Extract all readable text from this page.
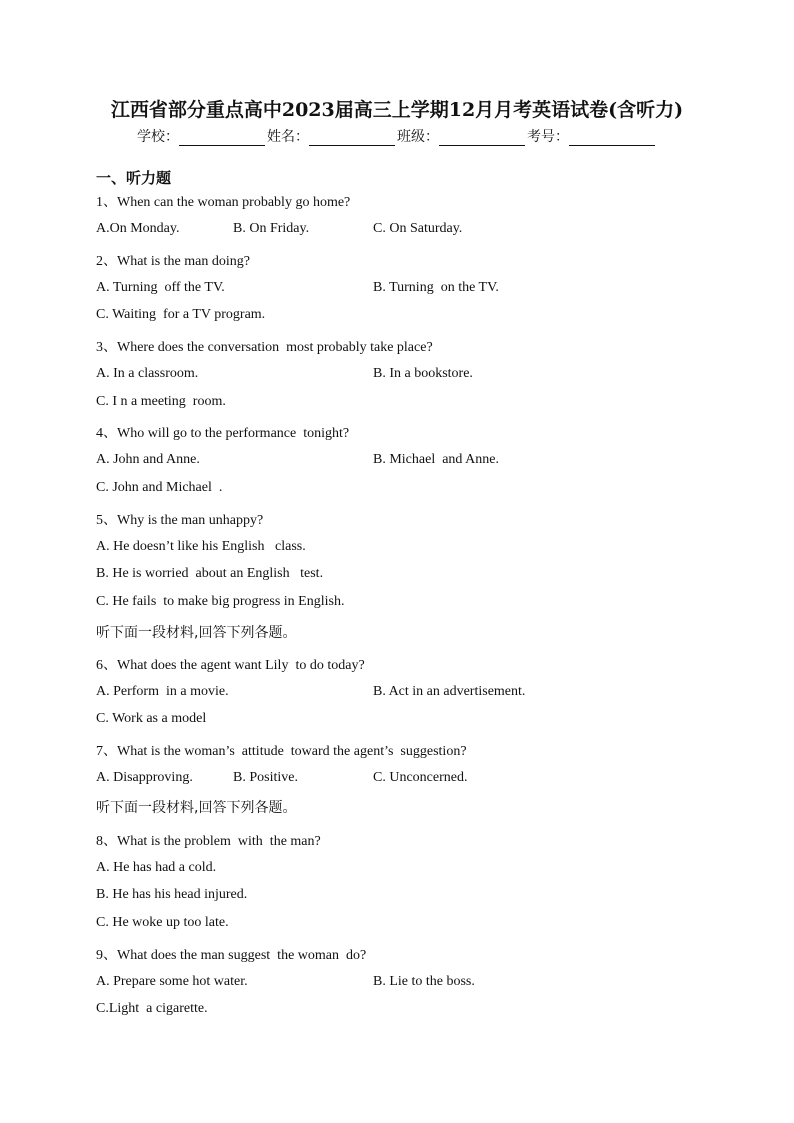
江西省部分重点高中2023届高三上学期12月月考英语试卷(含听力)
学校：	姓名：	班级：	考号：
一、听力题
1、When can the woman probably go home?
A.On Monday.	B. On Friday.	C. On Saturday.
2、What is the man doing?
A. Turning  off the TV.	B. Turning  on the TV.
C. Waiting  for a TV program.
3、Where does the conversation  most probably take place?
A. In a classroom.	B. In a bookstore.
C. I n a meeting  room.
4、Who will go to the performance  tonight?
A. John and Anne.	B. Michael  and Anne.
C. John and Michael  .
5、Why is the man unhappy?
A. He doesn’t like his English   class.
B. He is worried  about an English   test.
C. He fails  to make big progress in English.
听下面一段材料,回答下列各题。
6、What does the agent want Lily  to do today?
A. Perform  in a movie.	B. Act in an advertisement.
C. Work as a model
7、What is the woman’s  attitude  toward the agent’s  suggestion?
A. Disapproving.	B. Positive.	C. Unconcerned.
听下面一段材料,回答下列各题。
8、What is the problem  with  the man?
A. He has had a cold.
B. He has his head injured.
C. He woke up too late.
9、What does the man suggest  the woman  do?
A. Prepare some hot water.	B. Lie to the boss.
C.Light  a cigarette.
